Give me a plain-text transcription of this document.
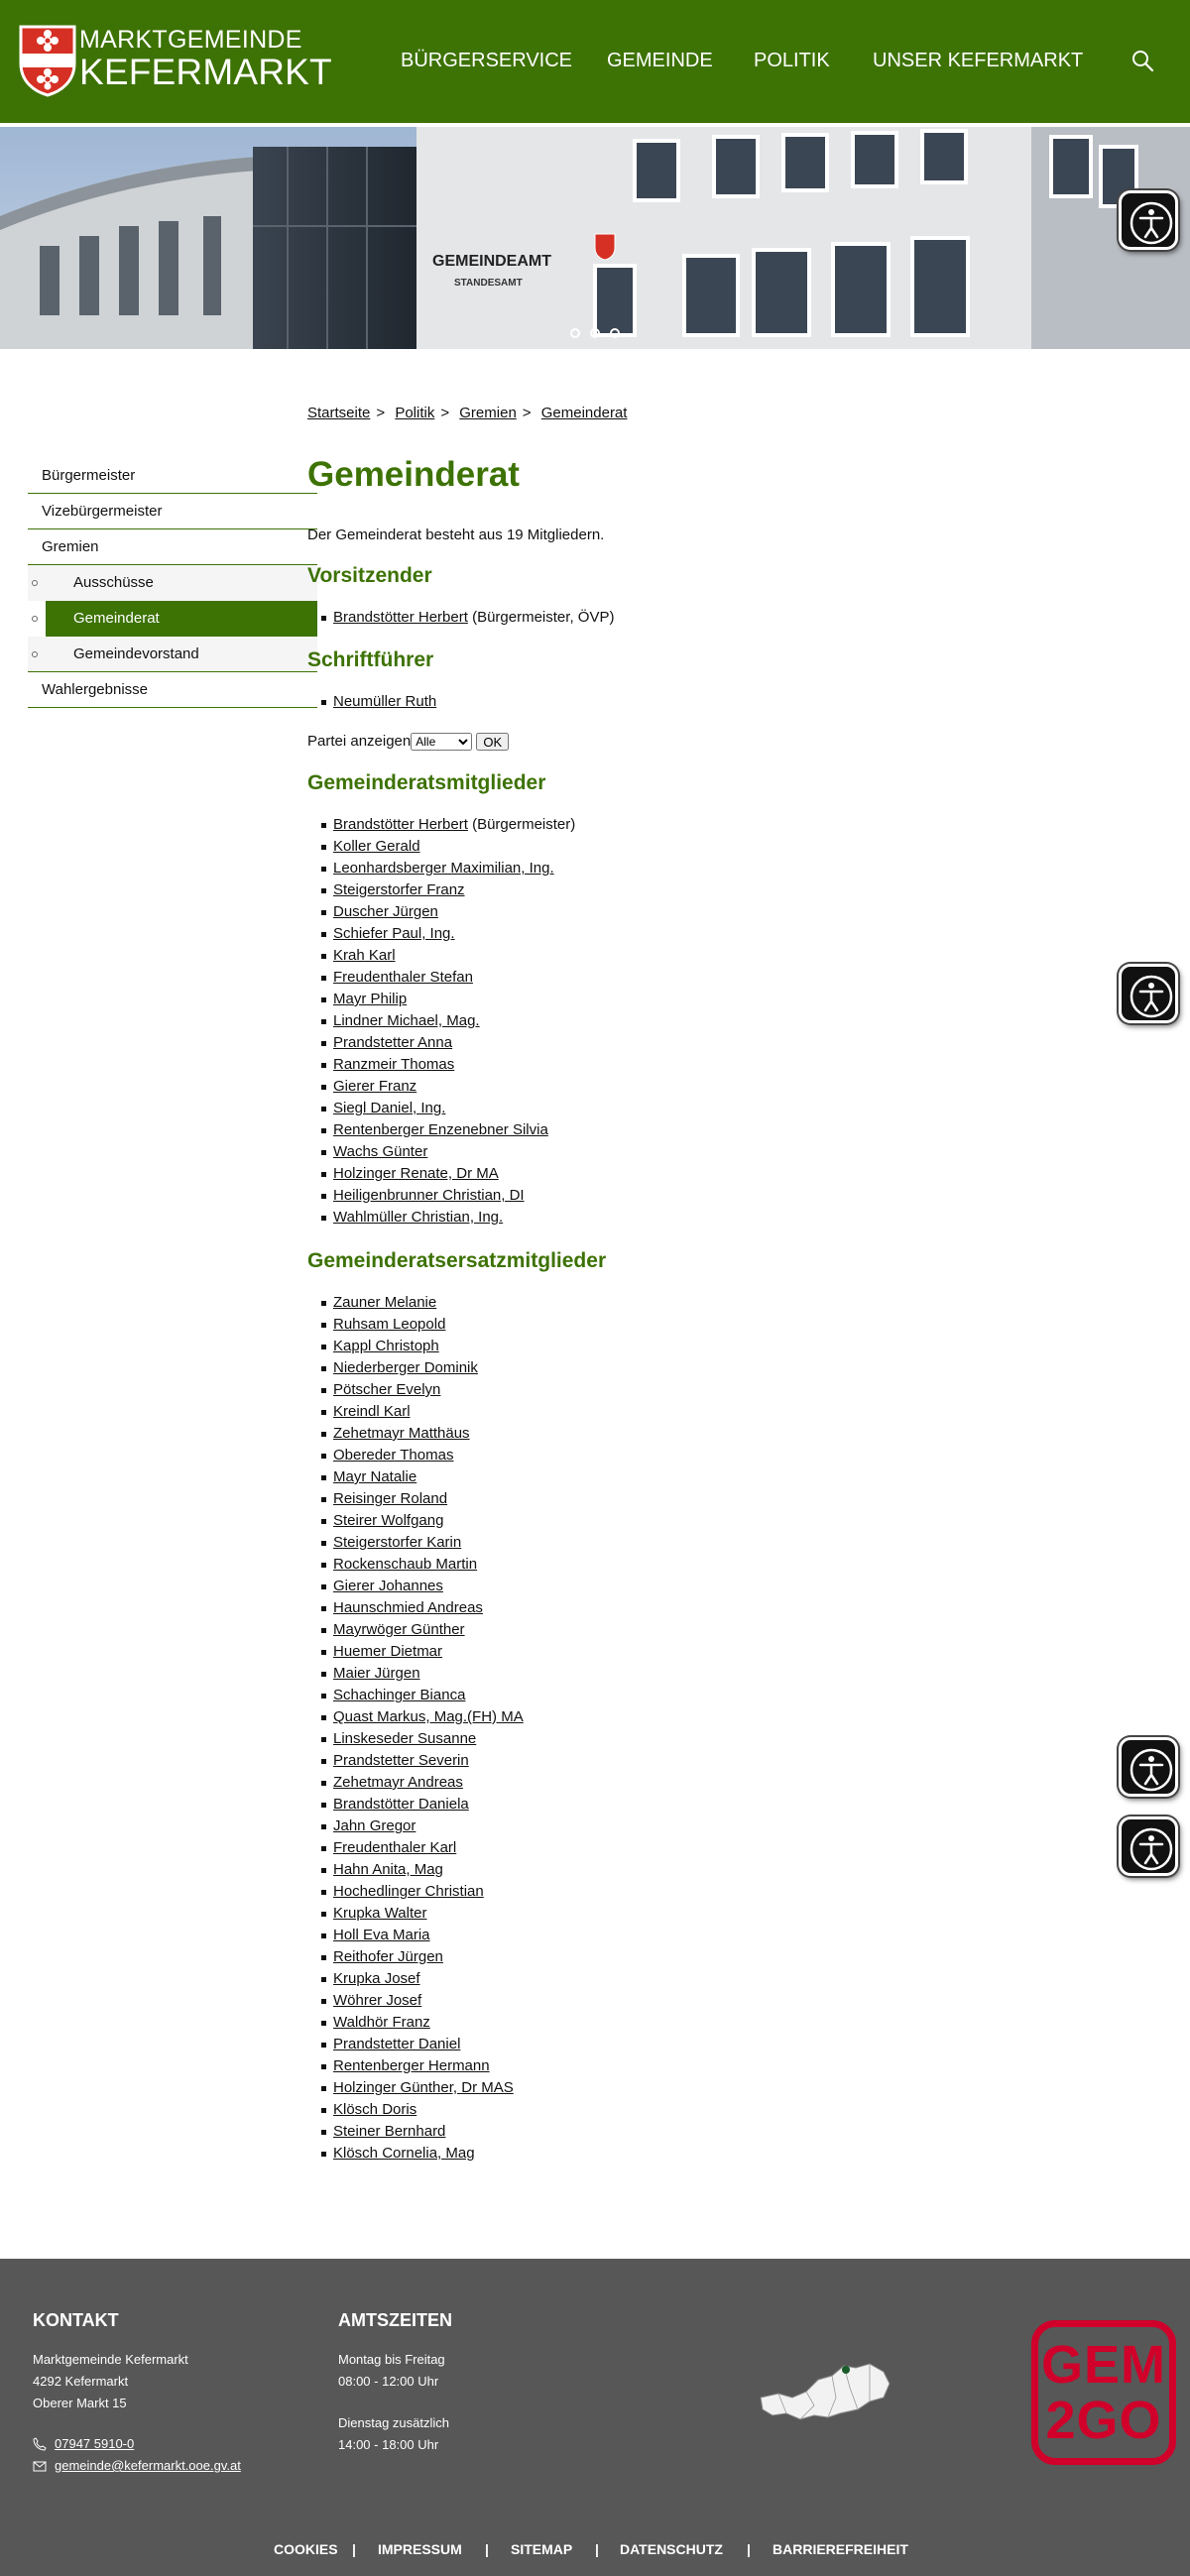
MARKTGEMEINDE
KEFERMARKT	BÜRGERSERVICE GEMEINDE POLITIK UNSER KEFERMARKT
GEMEINDEAMT
STANDESAMT
Startseite > Politik > Gremien > Gemeinderat
Bürgermeister
Vizebürgermeister
Gremien
Ausschüsse
Gemeinderat
Gemeindevorstand
Wahlergebnisse
Gemeinderat

Der Gemeinderat besteht aus 19 Mitgliedern.

Vorsitzender
Brandstötter Herbert (Bürgermeister, ÖVP)
Schriftführer
Neumüller Ruth
Partei anzeigen
Alle	OK
Gemeinderatsmitglieder
Brandstötter Herbert (Bürgermeister)
Koller Gerald
Leonhardsberger Maximilian, Ing.
Steigerstorfer Franz
Duscher Jürgen
Schiefer Paul, Ing.
Krah Karl
Freudenthaler Stefan
Mayr Philip
Lindner Michael, Mag.
Prandstetter Anna
Ranzmeir Thomas
Gierer Franz
Siegl Daniel, Ing.
Rentenberger Enzenebner Silvia
Wachs Günter
Holzinger Renate, Dr MA
Heiligenbrunner Christian, DI
Wahlmüller Christian, Ing.
Gemeinderatsersatzmitglieder
Zauner Melanie
Ruhsam Leopold
Kappl Christoph
Niederberger Dominik
Pötscher Evelyn
Kreindl Karl
Zehetmayr Matthäus
Obereder Thomas
Mayr Natalie
Reisinger Roland
Steirer Wolfgang
Steigerstorfer Karin
Rockenschaub Martin
Gierer Johannes
Haunschmied Andreas
Mayrwöger Günther
Huemer Dietmar
Maier Jürgen
Schachinger Bianca
Quast Markus, Mag.(FH) MA
Linskeseder Susanne
Prandstetter Severin
Zehetmayr Andreas
Brandstötter Daniela
Jahn Gregor
Freudenthaler Karl
Hahn Anita, Mag
Hochedlinger Christian
Krupka Walter
Holl Eva Maria
Reithofer Jürgen
Krupka Josef
Wöhrer Josef
Waldhör Franz
Prandstetter Daniel
Rentenberger Hermann
Holzinger Günther, Dr MAS
Klösch Doris
Steiner Bernhard
Klösch Cornelia, Mag
KONTAKT
Marktgemeinde Kefermarkt
4292 Kefermarkt
Oberer Markt 15
07947 5910-0
gemeinde@kefermarkt.ooe.gv.at
AMTSZEITEN
Montag bis Freitag
08:00 - 12:00 Uhr
Dienstag zusätzlich
14:00 - 18:00 Uhr
GEM
2GO
COOKIES | IMPRESSUM | SITEMAP | DATENSCHUTZ | BARRIEREFREIHEIT
